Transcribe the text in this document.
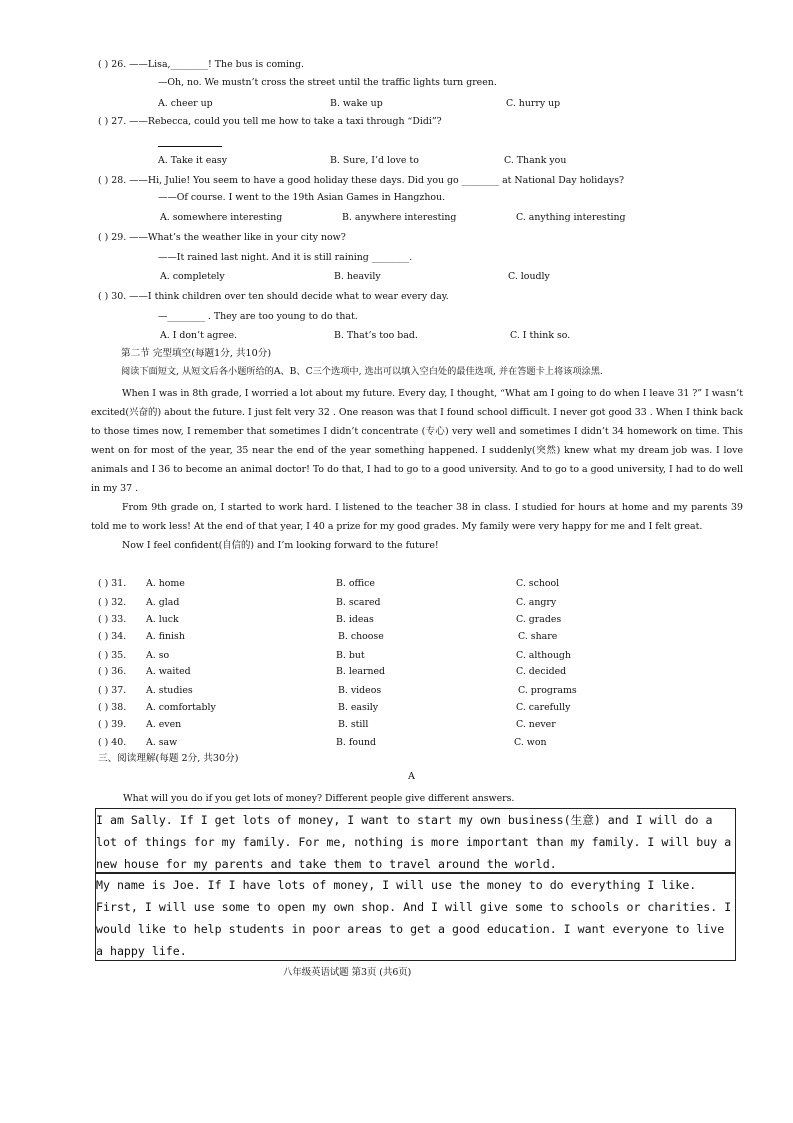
( ) 26. ——Lisa,________! The bus is coming.
—Oh, no. We mustn’t cross the street until the traffic lights turn green.
A. cheer up	B. wake up	C. hurry up
( ) 27. ——Rebecca, could you tell me how to take a taxi through “Didi”?
A. Take it easy	B. Sure, I’d love to	C. Thank you
( ) 28. ——Hi, Julie! You seem to have a good holiday these days. Did you go ________ at National Day holidays?
——Of course. I went to the 19th Asian Games in Hangzhou.
A. somewhere interesting	B. anywhere interesting	C. anything interesting
( ) 29. ——What’s the weather like in your city now?
——It rained last night. And it is still raining ________.
A. completely	B. heavily	C. loudly
( ) 30. ——I think children over ten should decide what to wear every day.
—________ . They are too young to do that.
A. I don’t agree.	B. That’s too bad.	C. I think so.
第二节 完型填空(每题1分, 共10分)
阅读下面短文, 从短文后各小题所给的A、B、C三个选项中, 选出可以填入空白处的最佳选项, 并在答题卡上将该项涂黑.

When I was in 8th grade, I worried a lot about my future. Every day, I thought, “What am I going to do when I leave 31 ?” I wasn’t excited(兴奋的) about the future. I just felt very 32 . One reason was that I found school difficult. I never got good 33 . When I think back to those times now, I remember that sometimes I didn’t concentrate (专心) very well and sometimes I didn’t 34 homework on time. This went on for most of the year, 35 near the end of the year something happened. I suddenly(突然) knew what my dream job was. I love animals and I 36 to become an animal doctor! To do that, I had to go to a good university. And to go to a good university, I had to do well in my 37 .

From 9th grade on, I started to work hard. I listened to the teacher 38 in class. I studied for hours at home and my parents 39 told me to work less! At the end of that year, I 40 a prize for my good grades. My family were very happy for me and I felt great.

Now I feel confident(自信的) and I’m looking forward to the future!

( ) 31. A. home	B. office	C. school
( ) 32. A. glad	B. scared	C. angry
( ) 33. A. luck	B. ideas	C. grades
( ) 34. A. finish	B. choose	C. share
( ) 35. A. so	B. but	C. although
( ) 36. A. waited	B. learned	C. decided
( ) 37. A. studies	B. videos	C. programs
( ) 38. A. comfortably	B. easily	C. carefully
( ) 39. A. even	B. still	C. never
( ) 40. A. saw	B. found	C. won
三、阅读理解(每题 2分, 共30分)
A
What will you do if you get lots of money? Different people give different answers.
I am Sally. If I get lots of money, I want to start my own business(生意) and I will do a lot of things for my family. For me, nothing is more important than my family. I will buy a new house for my parents and take them to travel around the world.
My name is Joe. If I have lots of money, I will use the money to do everything I like. First, I will use some to open my own shop. And I will give some to schools or charities. I would like to help students in poor areas to get a good education. I want everyone to live a happy life.
八年级英语试题 第3页 (共6页)
